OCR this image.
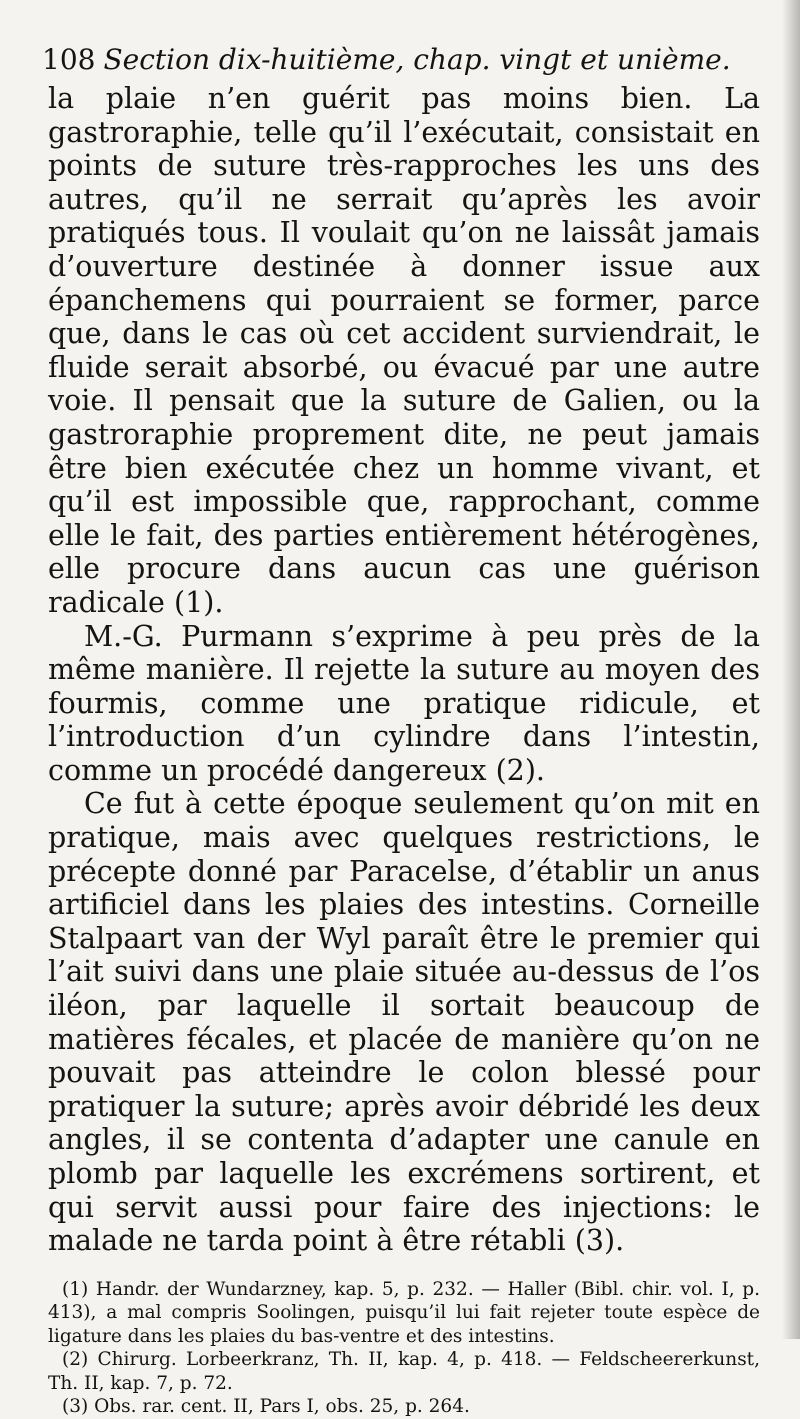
108 Section dix-huitième, chap. vingt et unième.

la plaie n’en guérit pas moins bien. La gastroraphie, telle qu’il l’exécutait, consistait en points de suture très-rapproches les uns des autres, qu’il ne serrait qu’après les avoir pratiqués tous. Il voulait qu’on ne laissât jamais d’ouverture destinée à donner issue aux épanchemens qui pourraient se former, parce que, dans le cas où cet accident surviendrait, le fluide serait absorbé, ou évacué par une autre voie. Il pensait que la suture de Galien, ou la gastroraphie proprement dite, ne peut jamais être bien exécutée chez un homme vivant, et qu’il est impossible que, rapprochant, comme elle le fait, des parties entièrement hétérogènes, elle procure dans aucun cas une guérison radicale (1).

M.-G. Purmann s’exprime à peu près de la même manière. Il rejette la suture au moyen des fourmis, comme une pratique ridicule, et l’introduction d’un cylindre dans l’intestin, comme un procédé dangereux (2).

Ce fut à cette époque seulement qu’on mit en pratique, mais avec quelques restrictions, le précepte donné par Paracelse, d’établir un anus artificiel dans les plaies des intestins. Corneille Stalpaart van der Wyl paraît être le premier qui l’ait suivi dans une plaie située au-dessus de l’os iléon, par laquelle il sortait beaucoup de matières fécales, et placée de manière qu’on ne pouvait pas atteindre le colon blessé pour pratiquer la suture; après avoir débridé les deux angles, il se contenta d’adapter une canule en plomb par laquelle les excrémens sortirent, et qui servit aussi pour faire des injections: le malade ne tarda point à être rétabli (3).

(1) Handr. der Wundarzney, kap. 5, p. 232. — Haller (Bibl. chir. vol. I, p. 413), a mal compris Soolingen, puisqu’il lui fait rejeter toute espèce de ligature dans les plaies du bas-ventre et des intestins.

(2) Chirurg. Lorbeerkranz, Th. II, kap. 4, p. 418. — Feldscheererkunst, Th. II, kap. 7, p. 72.

(3) Obs. rar. cent. II, Pars I, obs. 25, p. 264.
